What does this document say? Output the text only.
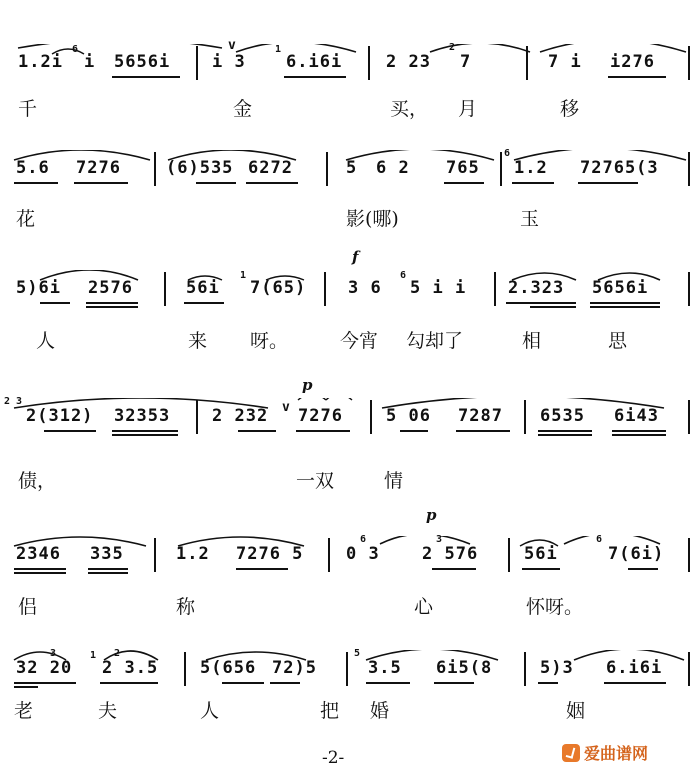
1.2i
6
i 5656i
v
i 3
1
6.i6i	2 23
2
7	7 i i276
千	金	买， 月	移
5.6 7276	(6)535 6272	5 6 2 765
6
1.2 72765(3
花	影(哪)	玉
f
5)6i 2576	56i
1
7(65) 3 6
6
5 i i 2.323 5656i
人	来 呀。	今宵 勾却了	相	思
p
2 3
2(312) 32353 2 232 v 7276	5 06 7287 6535 6i43
债，	一双	情
p
2346 335	1.2 7276 5
6
0 3
3
2 576	56i
6
7(6i)
侣	称	心	怀呀。
3
32 20
1 2
2 3.5 5(656 72)5
5
3.5 6i5(8	5)3 6.i6i
老	夫	人	把 婚	姻
-2-	爱曲谱网
